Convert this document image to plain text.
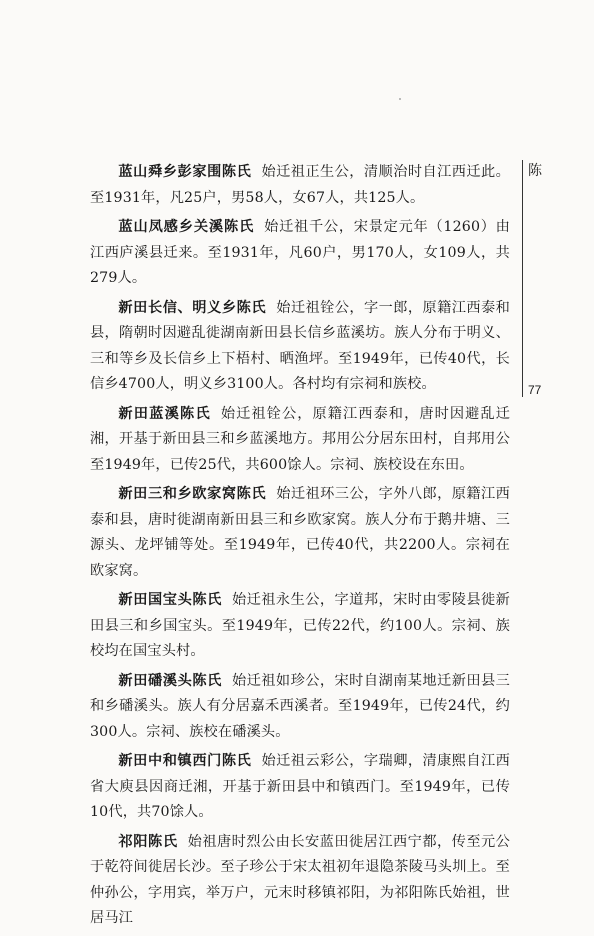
陈
77

蓝山舜乡彭家围陈氏 始迁祖正生公，清顺治时自江西迁此。至1931年，凡25户，男58人，女67人，共125人。

蓝山凤感乡关溪陈氏 始迁祖千公，宋景定元年（1260）由江西庐溪县迁来。至1931年，凡60户，男170人，女109人，共279人。

新田长信、明义乡陈氏 始迁祖铨公，字一郎，原籍江西泰和县，隋朝时因避乱徙湖南新田县长信乡蓝溪坊。族人分布于明义、三和等乡及长信乡上下梧村、晒渔坪。至1949年，已传40代，长信乡4700人，明义乡3100人。各村均有宗祠和族校。

新田蓝溪陈氏 始迁祖铨公，原籍江西泰和，唐时因避乱迁湘，开基于新田县三和乡蓝溪地方。邦用公分居东田村，自邦用公至1949年，已传25代，共600馀人。宗祠、族校设在东田。

新田三和乡欧家窝陈氏 始迁祖环三公，字外八郎，原籍江西泰和县，唐时徙湖南新田县三和乡欧家窝。族人分布于鹅井塘、三源头、龙坪铺等处。至1949年，已传40代，共2200人。宗祠在欧家窝。

新田国宝头陈氏 始迁祖永生公，字道邦，宋时由零陵县徙新田县三和乡国宝头。至1949年，已传22代，约100人。宗祠、族校均在国宝头村。

新田磻溪头陈氏 始迁祖如珍公，宋时自湖南某地迁新田县三和乡磻溪头。族人有分居嘉禾西溪者。至1949年，已传24代，约300人。宗祠、族校在磻溪头。

新田中和镇西门陈氏 始迁祖云彩公，字瑞卿，清康熙自江西省大庾县因商迁湘，开基于新田县中和镇西门。至1949年，已传10代，共70馀人。

祁阳陈氏 始祖唐时烈公由长安蓝田徙居江西宁都，传至元公于乾符间徙居长沙。至子珍公于宋太祖初年退隐茶陵马头圳上。至仲孙公，字用宾，举万户，元末时移镇祁阳，为祁阳陈氏始祖，世居马江
